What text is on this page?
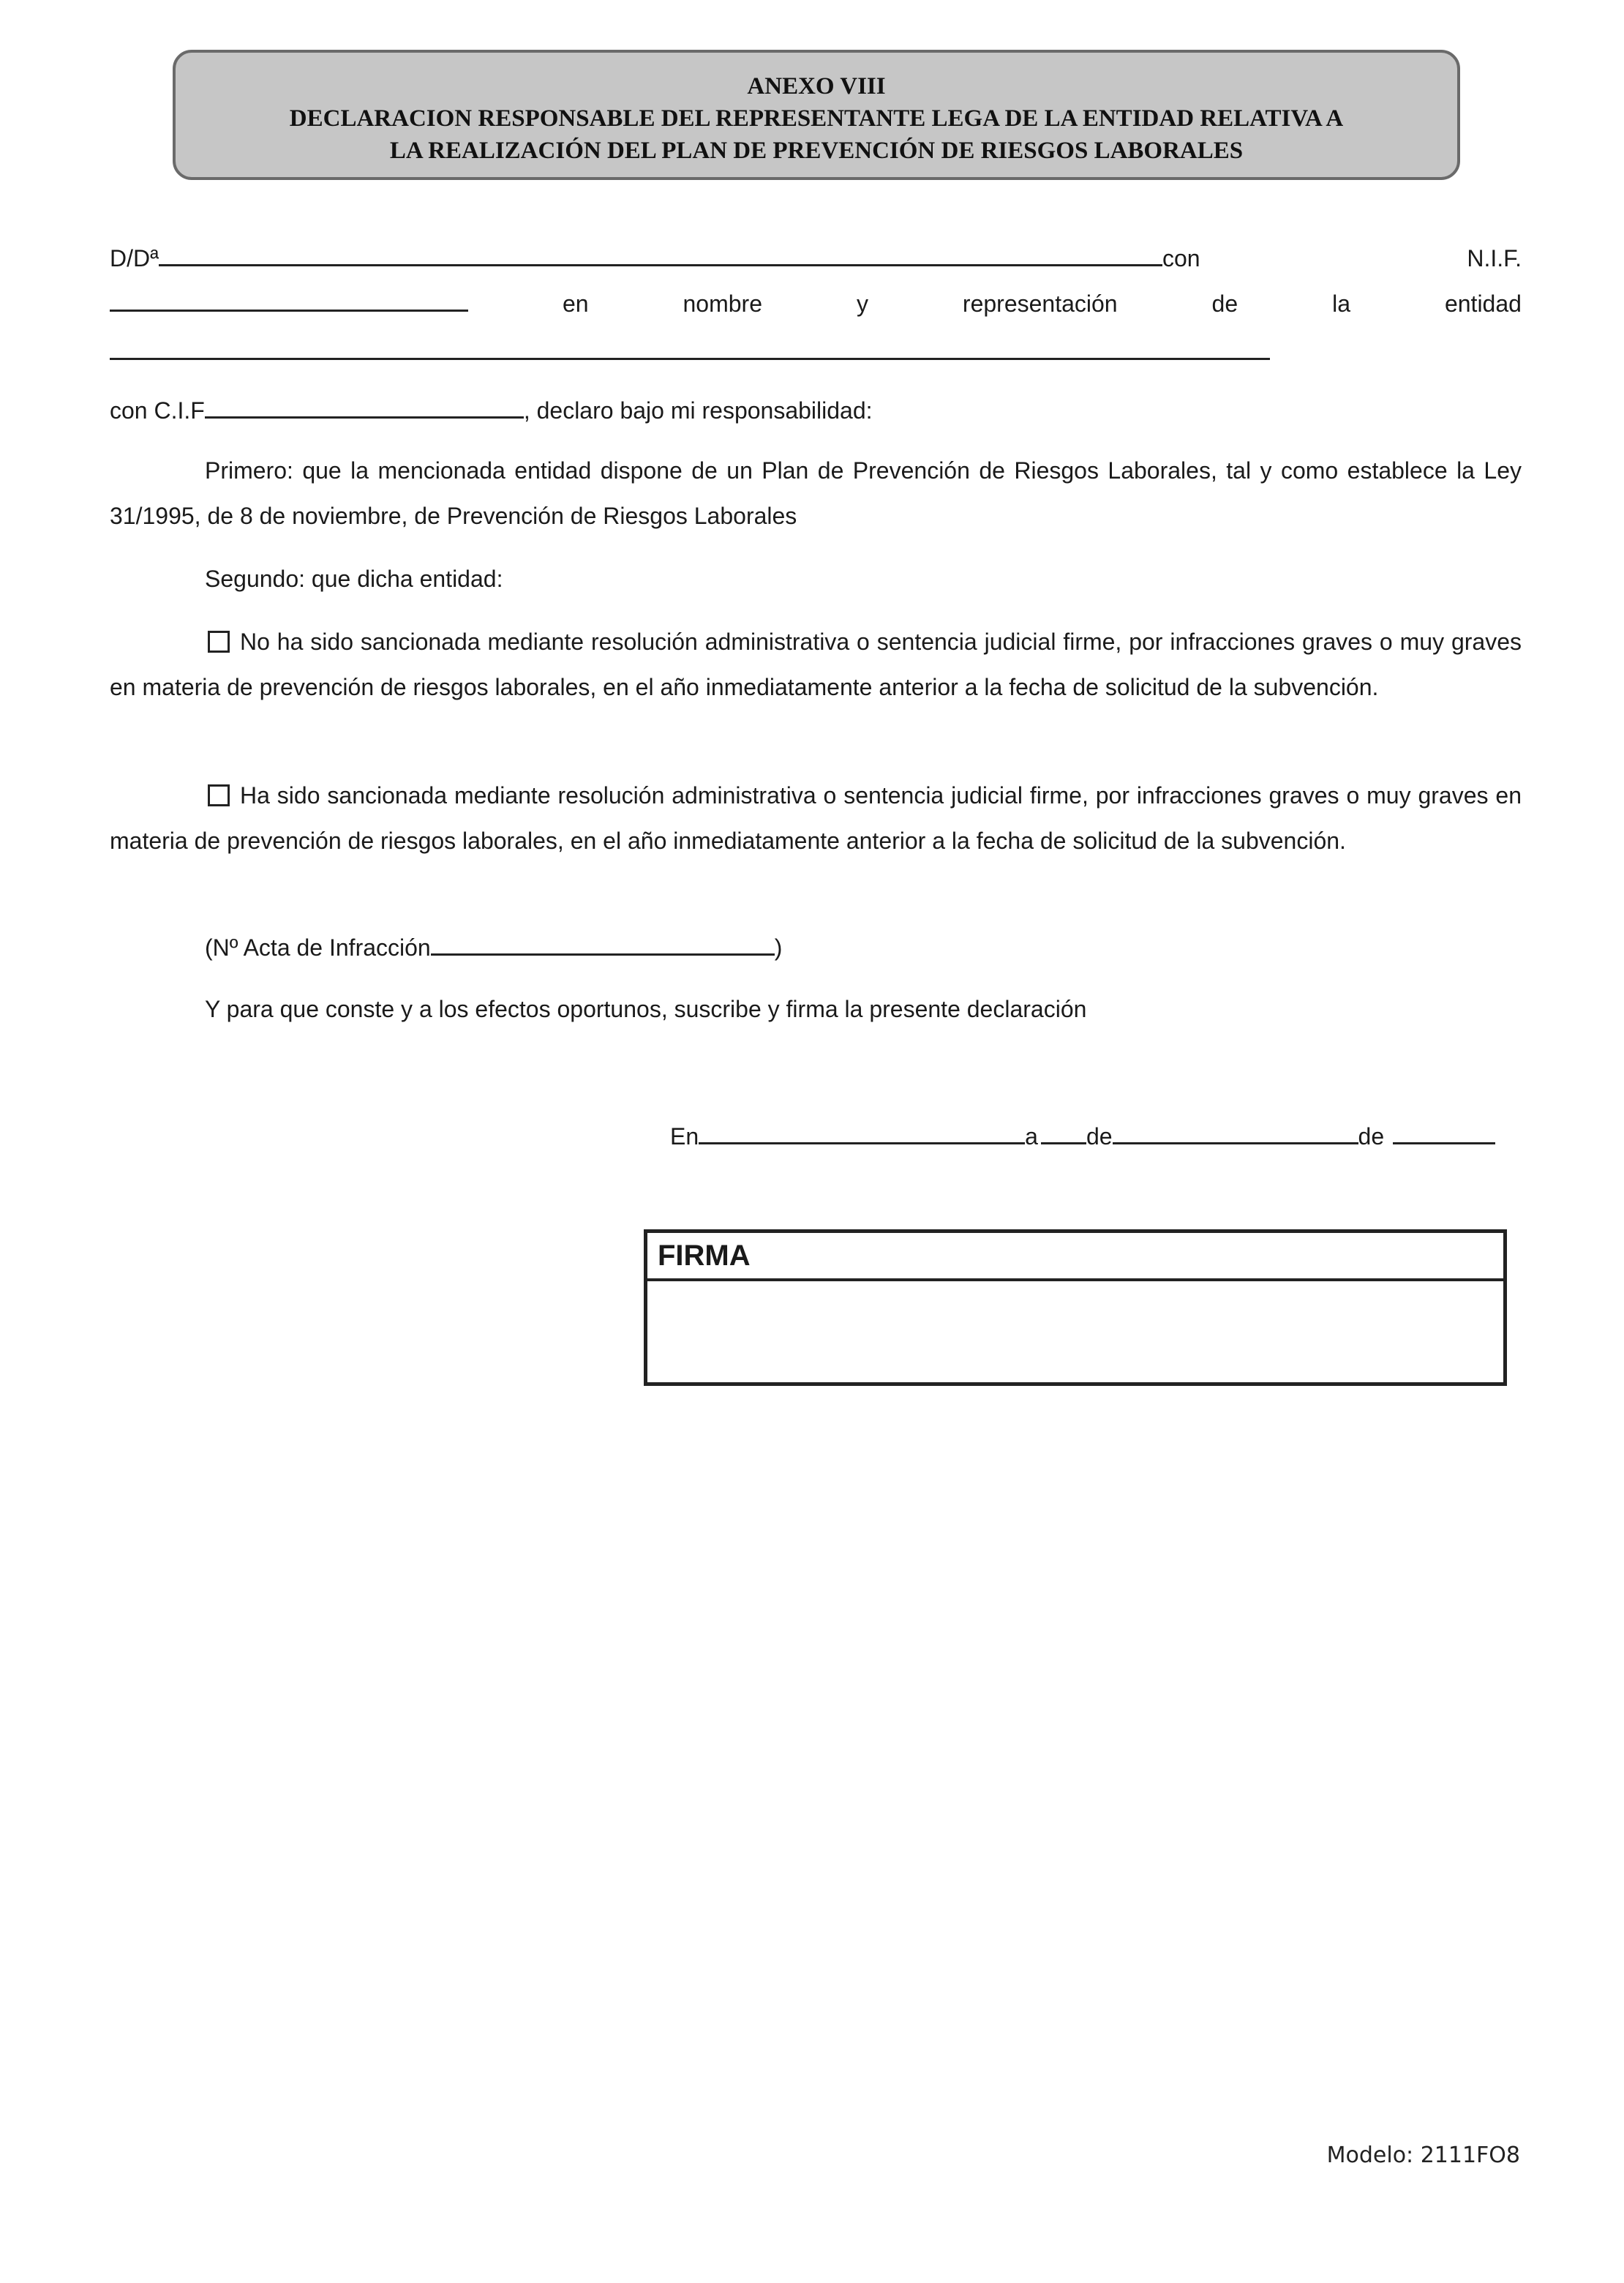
ANEXO VIII
DECLARACION RESPONSABLE DEL REPRESENTANTE LEGA DE LA ENTIDAD RELATIVA A
LA REALIZACIÓN DEL PLAN DE PREVENCIÓN DE RIESGOS LABORALES
D/Dª	con	N.I.F.
en	nombre	y	representación	de	la	entidad
con C.I.F	, declaro bajo mi responsabilidad:
Primero: que la mencionada entidad dispone de un Plan de Prevención de Riesgos Laborales, tal y como establece la Ley 31/1995, de 8 de noviembre, de Prevención de Riesgos Laborales
Segundo: que dicha entidad:
No ha sido sancionada mediante resolución administrativa o sentencia judicial firme, por infracciones graves o muy graves en materia de prevención de riesgos laborales, en el año inmediatamente anterior a la fecha de solicitud de la subvención.
Ha sido sancionada mediante resolución administrativa o sentencia judicial firme, por infracciones graves o muy graves en materia de prevención de riesgos laborales, en el año inmediatamente anterior a la fecha de solicitud de la subvención.
(Nº Acta de Infracción	)
Y para que conste y a los efectos oportunos, suscribe y firma la presente declaración
En	a de	de
FIRMA
Modelo: 2111FO8
